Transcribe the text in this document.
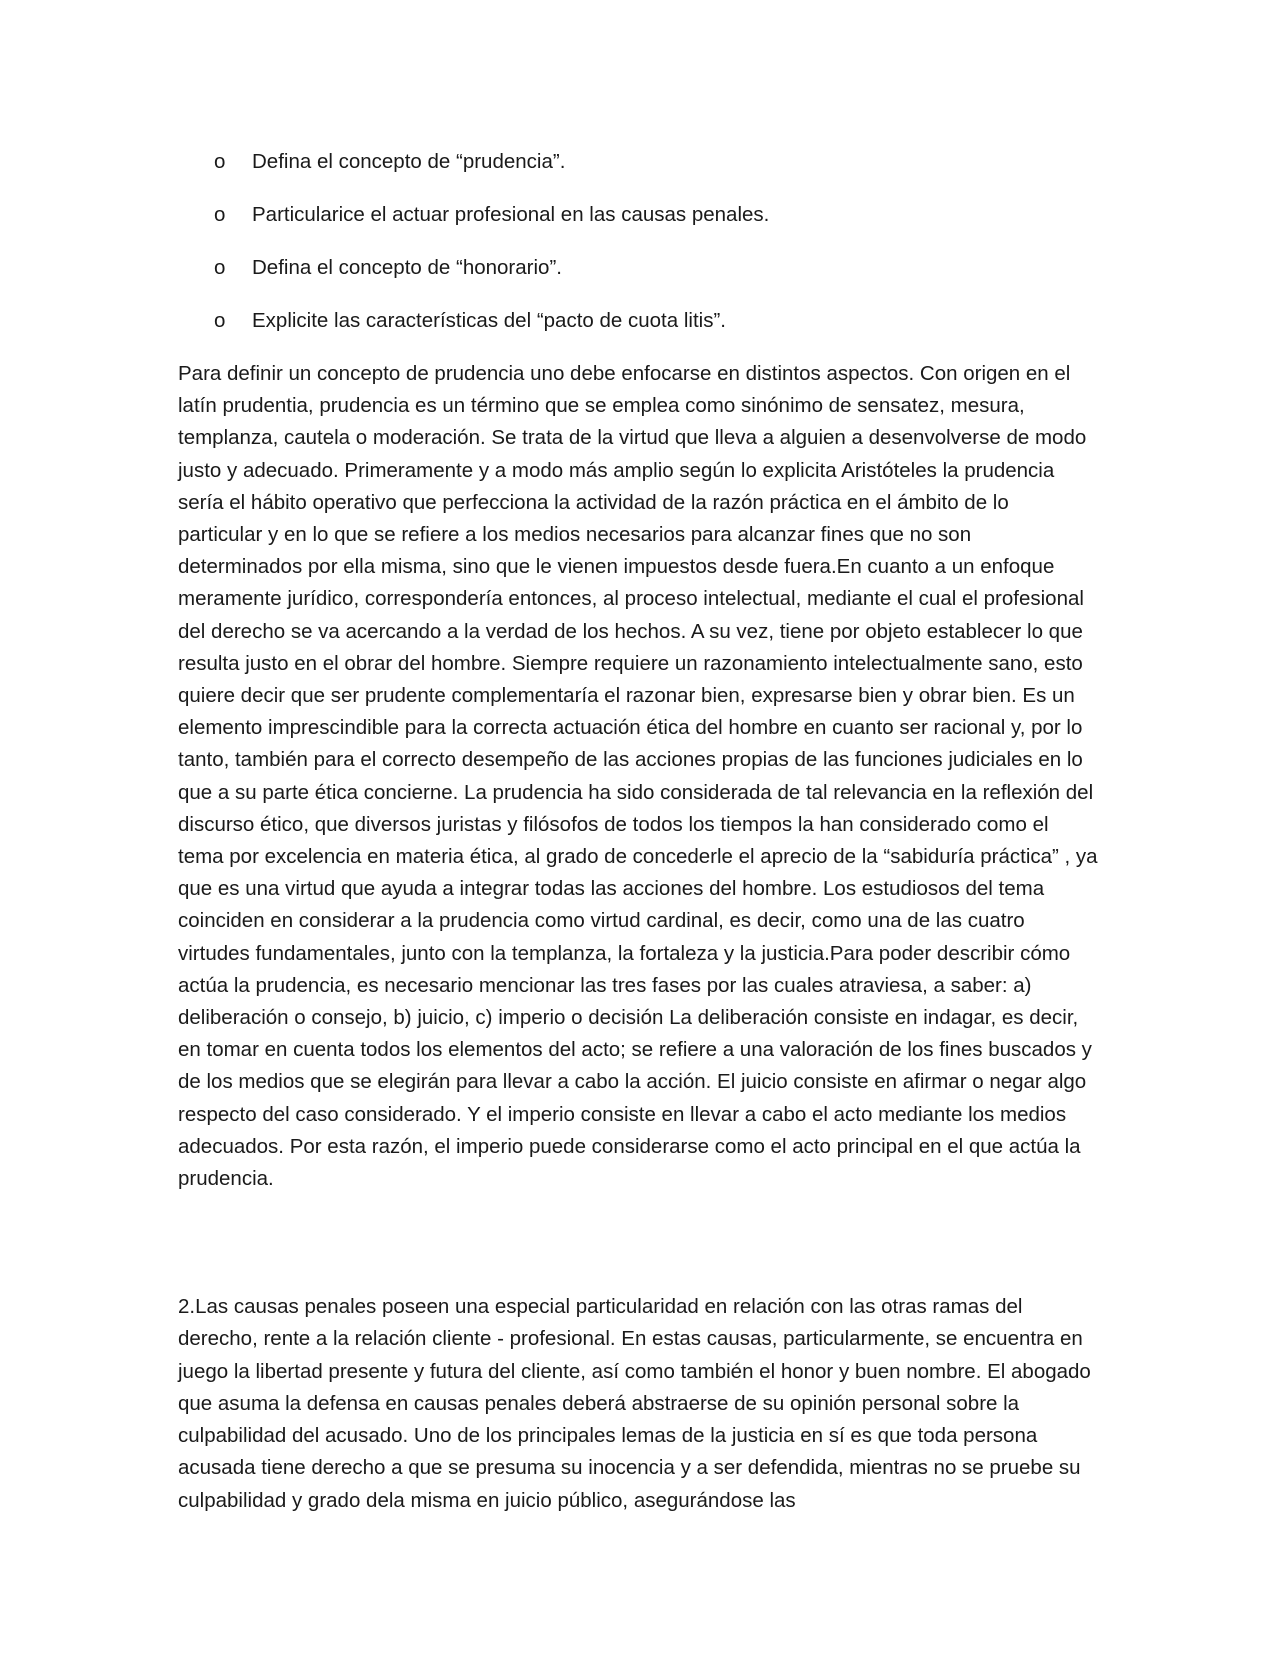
o Defina el concepto de “prudencia”.
o Particularice el actuar profesional en las causas penales.
o Defina el concepto de “honorario”.
o Explicite las características del “pacto de cuota litis”.

Para definir un concepto de prudencia uno debe enfocarse en distintos aspectos. Con origen en el latín prudentia, prudencia es un término que se emplea como sinónimo de sensatez, mesura, templanza, cautela o moderación. Se trata de la virtud que lleva a alguien a desenvolverse de modo justo y adecuado. Primeramente y a modo más amplio según lo explicita Aristóteles la prudencia sería el hábito operativo que perfecciona la actividad de la razón práctica en el ámbito de lo particular y en lo que se refiere a los medios necesarios para alcanzar fines que no son determinados por ella misma, sino que le vienen impuestos desde fuera.En cuanto a un enfoque meramente jurídico, correspondería entonces, al proceso intelectual, mediante el cual el profesional del derecho se va acercando a la verdad de los hechos. A su vez, tiene por objeto establecer lo que resulta justo en el obrar del hombre. Siempre requiere un razonamiento intelectualmente sano, esto quiere decir que ser prudente complementaría el razonar bien, expresarse bien y obrar bien. Es un elemento imprescindible para la correcta actuación ética del hombre en cuanto ser racional y, por lo tanto, también para el correcto desempeño de las acciones propias de las funciones judiciales en lo que a su parte ética concierne. La prudencia ha sido considerada de tal relevancia en la reflexión del discurso ético, que diversos juristas y filósofos de todos los tiempos la han considerado como el tema por excelencia en materia ética, al grado de concederle el aprecio de la “sabiduría práctica” , ya que es una virtud que ayuda a integrar todas las acciones del hombre. Los estudiosos del tema coinciden en considerar a la prudencia como virtud cardinal, es decir, como una de las cuatro virtudes fundamentales, junto con la templanza, la fortaleza y la justicia.Para poder describir cómo actúa la prudencia, es necesario mencionar las tres fases por las cuales atraviesa, a saber: a) deliberación o consejo, b) juicio, c) imperio o decisión La deliberación consiste en indagar, es decir, en tomar en cuenta todos los elementos del acto; se refiere a una valoración de los fines buscados y de los medios que se elegirán para llevar a cabo la acción. El juicio consiste en afirmar o negar algo respecto del caso considerado. Y el imperio consiste en llevar a cabo el acto mediante los medios adecuados. Por esta razón, el imperio puede considerarse como el acto principal en el que actúa la prudencia.

2.Las causas penales poseen una especial particularidad en relación con las otras ramas del derecho, rente a la relación cliente - profesional. En estas causas, particularmente, se encuentra en juego la libertad presente y futura del cliente, así como también el honor y buen nombre. El abogado que asuma la defensa en causas penales deberá abstraerse de su opinión personal sobre la culpabilidad del acusado. Uno de los principales lemas de la justicia en sí es que toda persona acusada tiene derecho a que se presuma su inocencia y a ser defendida, mientras no se pruebe su culpabilidad y grado dela misma en juicio público, asegurándose las
